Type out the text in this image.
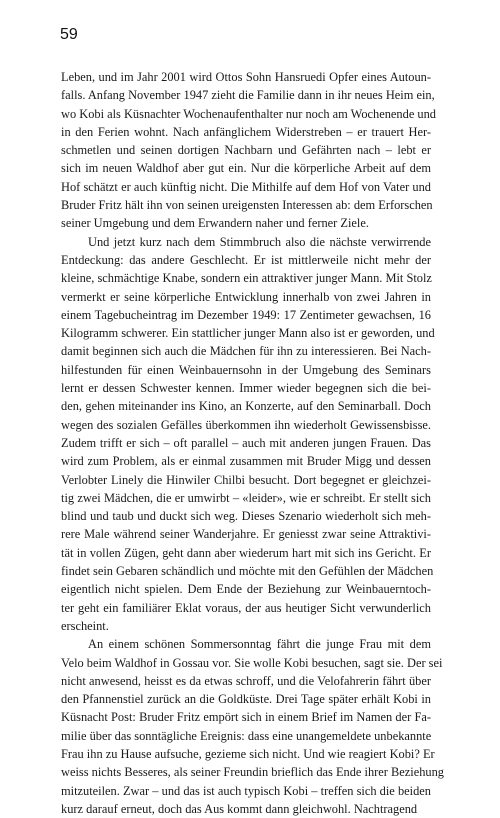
59
Leben, und im Jahr 2001 wird Ottos Sohn Hansruedi Opfer eines Autoun-
falls. Anfang November 1947 zieht die Familie dann in ihr neues Heim ein,
wo Kobi als Küsnachter Wochenaufenthalter nur noch am Wochenende und
in den Ferien wohnt. Nach anfänglichem Widerstreben – er trauert Her-
schmetlen und seinen dortigen Nachbarn und Gefährten nach – lebt er
sich im neuen Waldhof aber gut ein. Nur die körperliche Arbeit auf dem
Hof schätzt er auch künftig nicht. Die Mithilfe auf dem Hof von Vater und
Bruder Fritz hält ihn von seinen ureigensten Interessen ab: dem Erforschen
seiner Umgebung und dem Erwandern naher und ferner Ziele.
Und jetzt kurz nach dem Stimmbruch also die nächste verwirrende
Entdeckung: das andere Geschlecht. Er ist mittlerweile nicht mehr der
kleine, schmächtige Knabe, sondern ein attraktiver junger Mann. Mit Stolz
vermerkt er seine körperliche Entwicklung innerhalb von zwei Jahren in
einem Tagebucheintrag im Dezember 1949: 17 Zentimeter gewachsen, 16
Kilogramm schwerer. Ein stattlicher junger Mann also ist er geworden, und
damit beginnen sich auch die Mädchen für ihn zu interessieren. Bei Nach-
hilfestunden für einen Weinbauernsohn in der Umgebung des Seminars
lernt er dessen Schwester kennen. Immer wieder begegnen sich die bei-
den, gehen miteinander ins Kino, an Konzerte, auf den Seminarball. Doch
wegen des sozialen Gefälles überkommen ihn wiederholt Gewissensbisse.
Zudem trifft er sich – oft parallel – auch mit anderen jungen Frauen. Das
wird zum Problem, als er einmal zusammen mit Bruder Migg und dessen
Verlobter Linely die Hinwiler Chilbi besucht. Dort begegnet er gleichzei-
tig zwei Mädchen, die er umwirbt – «leider», wie er schreibt. Er stellt sich
blind und taub und duckt sich weg. Dieses Szenario wiederholt sich meh-
rere Male während seiner Wanderjahre. Er geniesst zwar seine Attraktivi-
tät in vollen Zügen, geht dann aber wiederum hart mit sich ins Gericht. Er
findet sein Gebaren schändlich und möchte mit den Gefühlen der Mädchen
eigentlich nicht spielen. Dem Ende der Beziehung zur Weinbauerntoch-
ter geht ein familiärer Eklat voraus, der aus heutiger Sicht verwunderlich
erscheint.
An einem schönen Sommersonntag fährt die junge Frau mit dem
Velo beim Waldhof in Gossau vor. Sie wolle Kobi besuchen, sagt sie. Der sei
nicht anwesend, heisst es da etwas schroff, und die Velofahrerin fährt über
den Pfannenstiel zurück an die Goldküste. Drei Tage später erhält Kobi in
Küsnacht Post: Bruder Fritz empört sich in einem Brief im Namen der Fa-
milie über das sonntägliche Ereignis: dass eine unangemeldete unbekannte
Frau ihn zu Hause aufsuche, gezieme sich nicht. Und wie reagiert Kobi? Er
weiss nichts Besseres, als seiner Freundin brieflich das Ende ihrer Beziehung
mitzuteilen. Zwar – und das ist auch typisch Kobi – treffen sich die beiden
kurz darauf erneut, doch das Aus kommt dann gleichwohl. Nachtragend
